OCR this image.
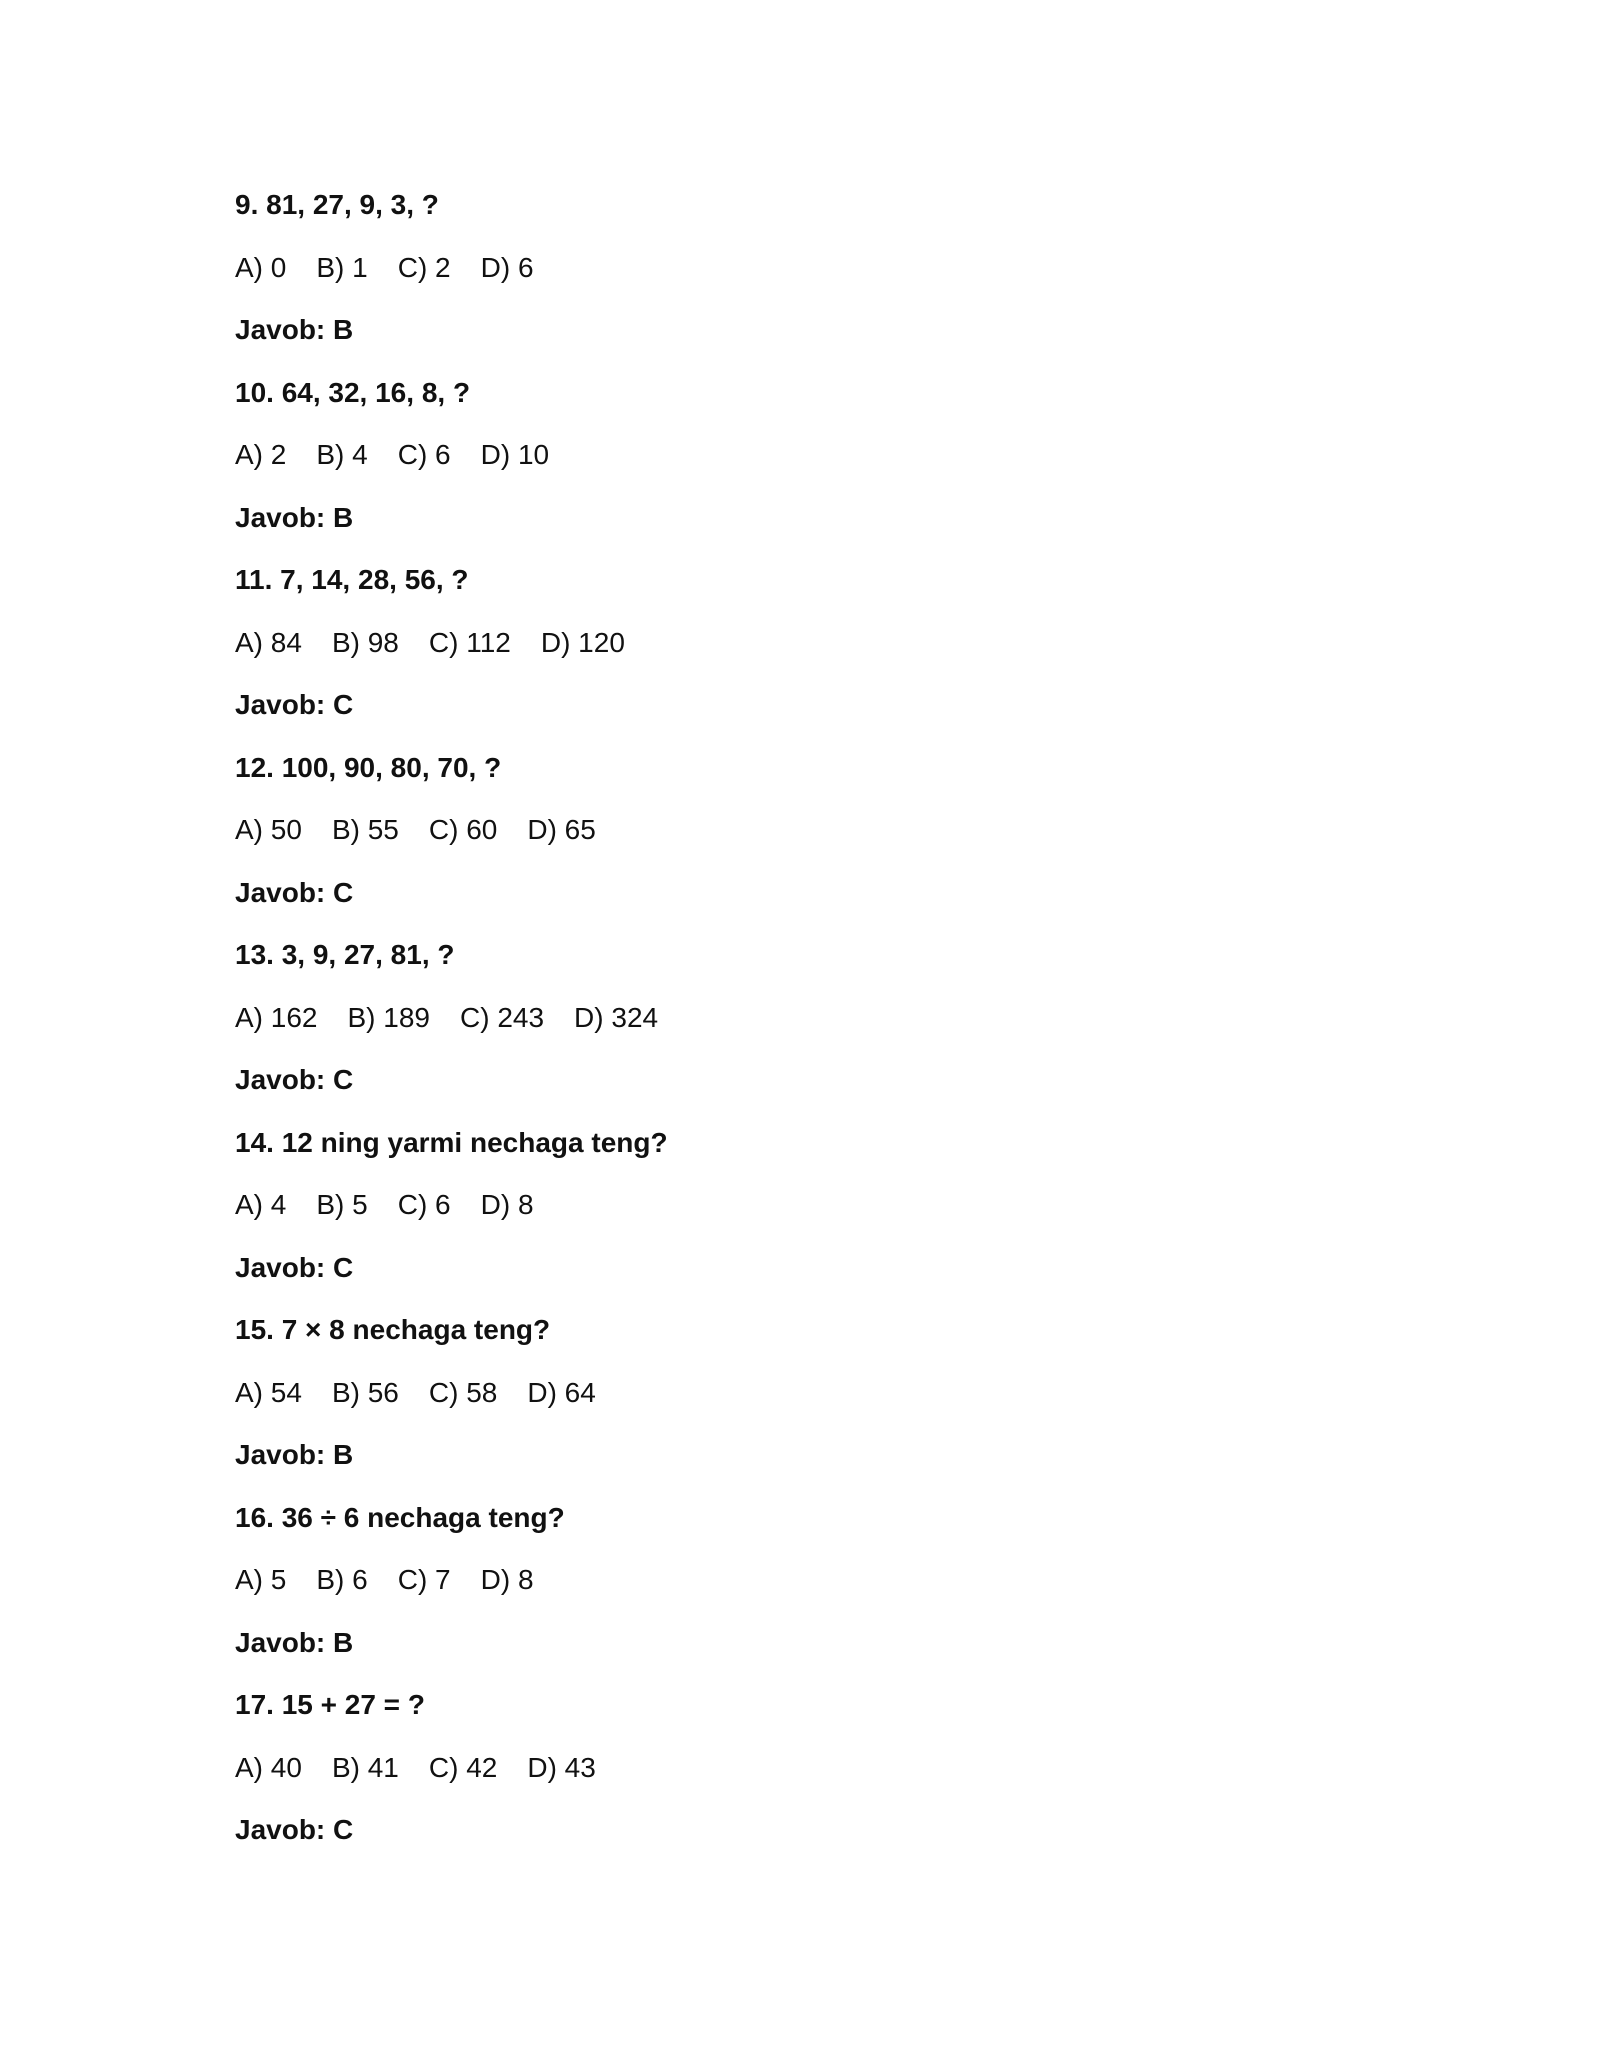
9. 81, 27, 9, 3, ?
A) 0 B) 1 C) 2 D) 6
Javob: B
10. 64, 32, 16, 8, ?
A) 2 B) 4 C) 6 D) 10
Javob: B
11. 7, 14, 28, 56, ?
A) 84 B) 98 C) 112 D) 120
Javob: C
12. 100, 90, 80, 70, ?
A) 50 B) 55 C) 60 D) 65
Javob: C
13. 3, 9, 27, 81, ?
A) 162 B) 189 C) 243 D) 324
Javob: C
14. 12 ning yarmi nechaga teng?
A) 4 B) 5 C) 6 D) 8
Javob: C
15. 7 × 8 nechaga teng?
A) 54 B) 56 C) 58 D) 64
Javob: B
16. 36 ÷ 6 nechaga teng?
A) 5 B) 6 C) 7 D) 8
Javob: B
17. 15 + 27 = ?
A) 40 B) 41 C) 42 D) 43
Javob: C
